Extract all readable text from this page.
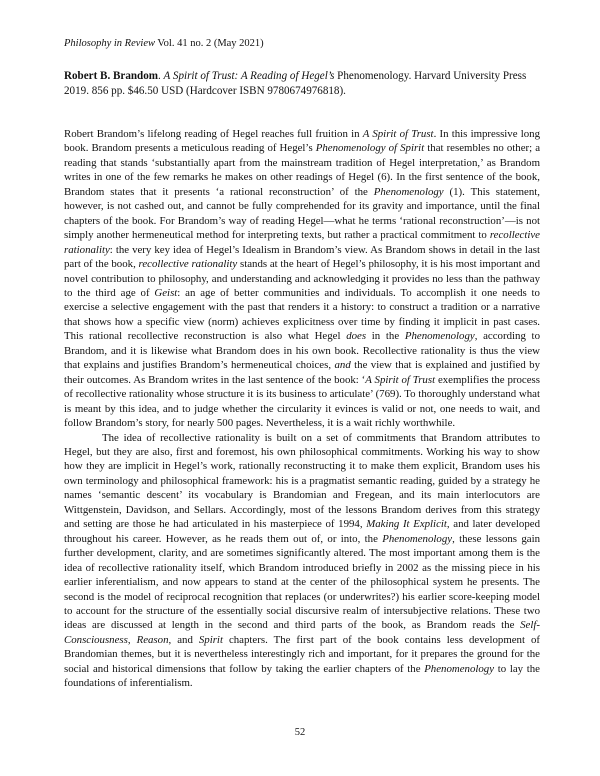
Philosophy in Review Vol. 41 no. 2 (May 2021)
Robert B. Brandom. A Spirit of Trust: A Reading of Hegel’s Phenomenology. Harvard University Press 2019. 856 pp. $46.50 USD (Hardcover ISBN 9780674976818).

Robert Brandom’s lifelong reading of Hegel reaches full fruition in A Spirit of Trust. In this impressive long book. Brandom presents a meticulous reading of Hegel’s Phenomenology of Spirit that resembles no other; a reading that stands ‘substantially apart from the mainstream tradition of Hegel interpretation,’ as Brandom writes in one of the few remarks he makes on other readings of Hegel (6). In the first sentence of the book, Brandom states that it presents ‘a rational reconstruction’ of the Phenomenology (1). This statement, however, is not cashed out, and cannot be fully comprehended for its gravity and importance, until the final chapters of the book. For Brandom’s way of reading Hegel—what he terms ‘rational reconstruction’—is not simply another hermeneutical method for interpreting texts, but rather a practical commitment to recollective rationality: the very key idea of Hegel’s Idealism in Brandom’s view. As Brandom shows in detail in the last part of the book, recollective rationality stands at the heart of Hegel’s philosophy, it is his most important and novel contribution to philosophy, and understanding and acknowledging it provides no less than the pathway to the third age of Geist: an age of better communities and individuals. To accomplish it one needs to exercise a selective engagement with the past that renders it a history: to construct a tradition or a narrative that shows how a specific view (norm) achieves explicitness over time by finding it implicit in past cases. This rational recollective reconstruction is also what Hegel does in the Phenomenology, according to Brandom, and it is likewise what Brandom does in his own book. Recollective rationality is thus the view that explains and justifies Brandom’s hermeneutical choices, and the view that is explained and justified by their outcomes. As Brandom writes in the last sentence of the book: ‘A Spirit of Trust exemplifies the process of recollective rationality whose structure it is its business to articulate’ (769). To thoroughly understand what is meant by this idea, and to judge whether the circularity it evinces is valid or not, one needs to wait, and follow Brandom’s story, for nearly 500 pages. Nevertheless, it is a wait richly worthwhile.

The idea of recollective rationality is built on a set of commitments that Brandom attributes to Hegel, but they are also, first and foremost, his own philosophical commitments. Working his way to show how they are implicit in Hegel’s work, rationally reconstructing it to make them explicit, Brandom uses his own terminology and philosophical framework: his is a pragmatist semantic reading, guided by a strategy he names ‘semantic descent’ its vocabulary is Brandomian and Fregean, and its main interlocutors are Wittgenstein, Davidson, and Sellars. Accordingly, most of the lessons Brandom derives from this strategy and setting are those he had articulated in his masterpiece of 1994, Making It Explicit, and later developed throughout his career. However, as he reads them out of, or into, the Phenomenology, these lessons gain further development, clarity, and are sometimes significantly altered. The most important among them is the idea of recollective rationality itself, which Brandom introduced briefly in 2002 as the missing piece in his earlier inferentialism, and now appears to stand at the center of the philosophical system he presents. The second is the model of reciprocal recognition that replaces (or underwrites?) his earlier score-keeping model to account for the structure of the essentially social discursive realm of intersubjective relations. These two ideas are discussed at length in the second and third parts of the book, as Brandom reads the Self-Consciousness, Reason, and Spirit chapters. The first part of the book contains less development of Brandomian themes, but it is nevertheless interestingly rich and important, for it prepares the ground for the social and historical dimensions that follow by taking the earlier chapters of the Phenomenology to lay the foundations of inferentialism.

52
